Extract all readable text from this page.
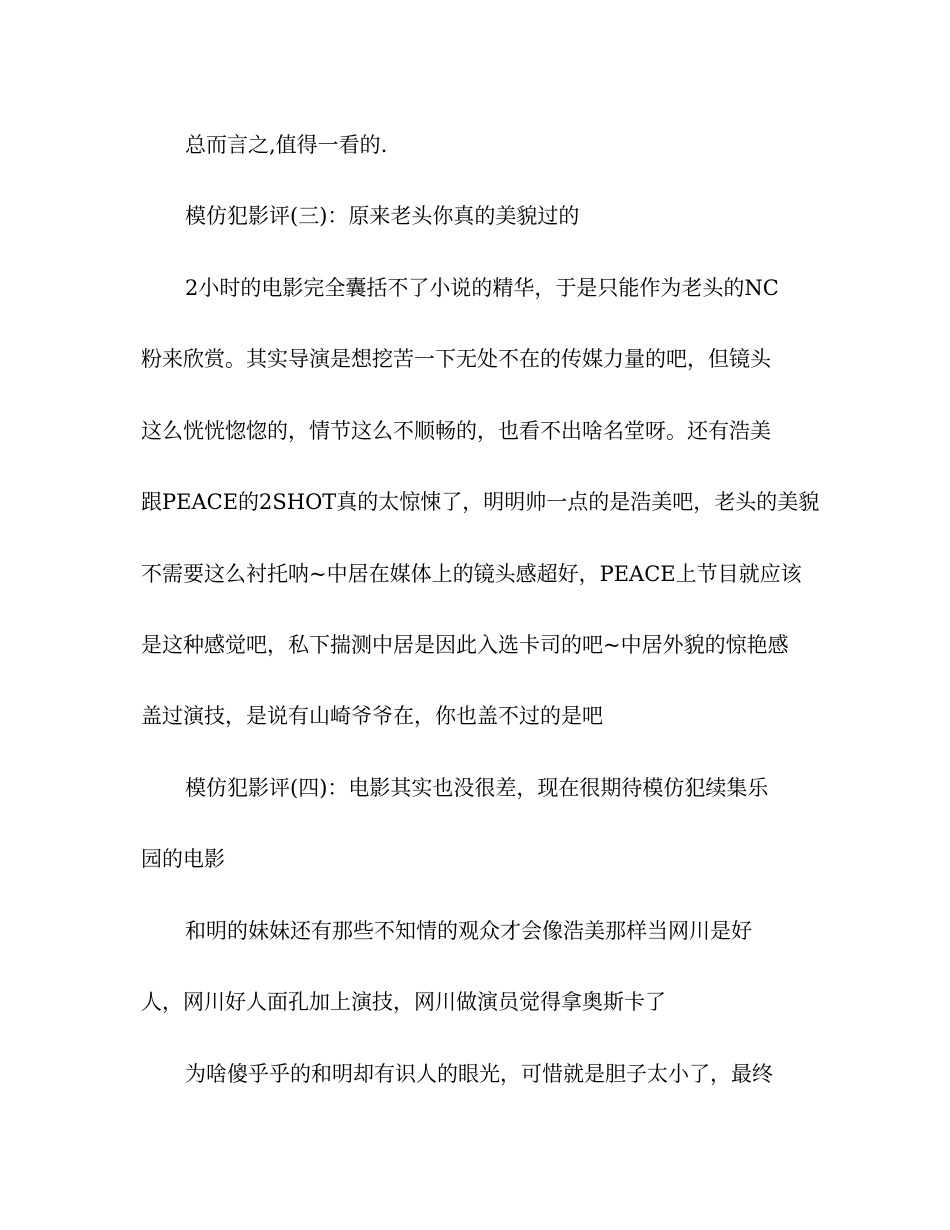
总而言之,值得一看的.
模仿犯影评(三)：原来老头你真的美貌过的
2小时的电影完全囊括不了小说的精华，于是只能作为老头的NC
粉来欣赏。其实导演是想挖苦一下无处不在的传媒力量的吧，但镜头
这么恍恍惚惚的，情节这么不顺畅的，也看不出啥名堂呀。还有浩美
跟PEACE的2SHOT真的太惊悚了，明明帅一点的是浩美吧，老头的美貌
不需要这么衬托呐~中居在媒体上的镜头感超好，PEACE上节目就应该
是这种感觉吧，私下揣测中居是因此入选卡司的吧~中居外貌的惊艳感
盖过演技，是说有山崎爷爷在，你也盖不过的是吧
模仿犯影评(四)：电影其实也没很差，现在很期待模仿犯续集乐
园的电影
和明的妹妹还有那些不知情的观众才会像浩美那样当网川是好
人，网川好人面孔加上演技，网川做演员觉得拿奥斯卡了
为啥傻乎乎的和明却有识人的眼光，可惜就是胆子太小了，最终
